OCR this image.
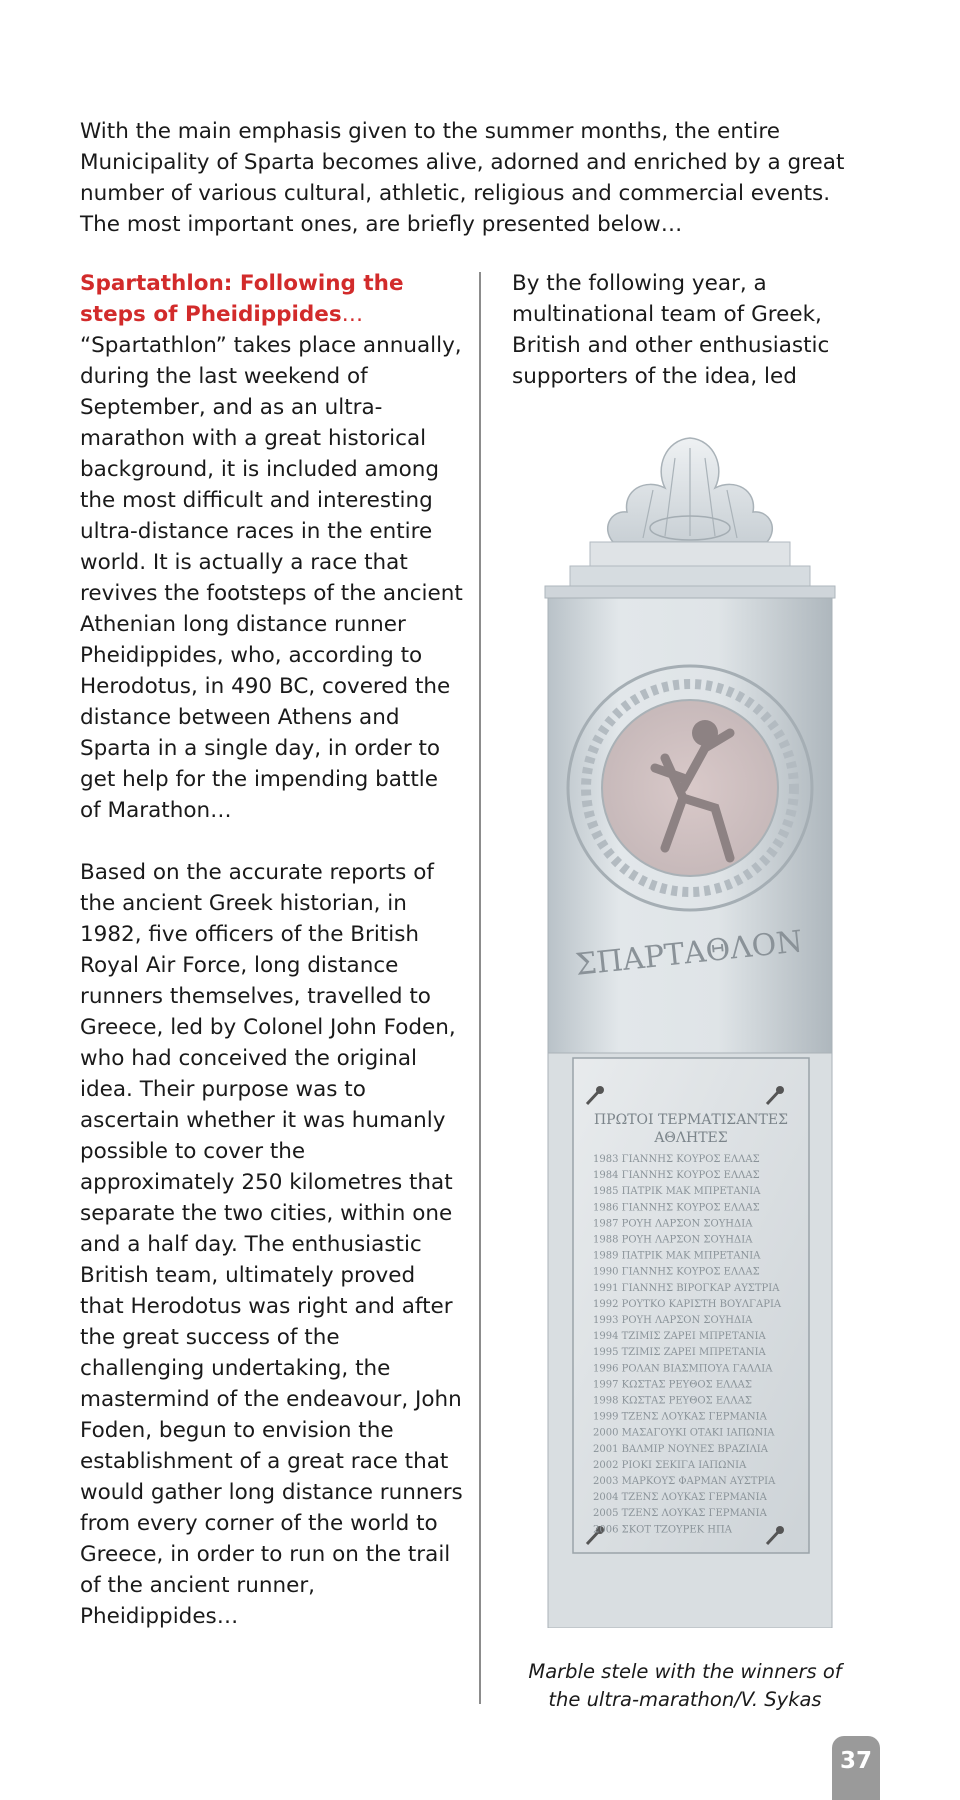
With the main emphasis given to the summer months, the entire
Municipality of Sparta becomes alive, adorned and enriched by a great
number of various cultural, athletic, religious and commercial events.
The most important ones, are briefly presented below…
Spartathlon: Following the steps of Pheidippides…

“Spartathlon” takes place annually, during the last weekend of September, and as an ultra-marathon with a great historical background, it is included among the most difficult and interesting ultra-distance races in the entire world. It is actually a race that revives the footsteps of the ancient Athenian long distance runner Pheidippides, who, according to Herodotus, in 490 BC, covered the distance between Athens and Sparta in a single day, in order to get help for the impending battle of Marathon…

Based on the accurate reports of the ancient Greek historian, in 1982, five officers of the British Royal Air Force, long distance runners themselves, travelled to Greece, led by Colonel John Foden, who had conceived the original idea. Their purpose was to ascertain whether it was humanly possible to cover the approximately 250 kilometres that separate the two cities, within one and a half day. The enthusiastic British team, ultimately proved that Herodotus was right and after the great success of the challenging undertaking, the mastermind of the endeavour, John Foden, begun to envision the establishment of a great race that would gather long distance runners from every corner of the world to Greece, in order to run on the trail of the ancient runner, Pheidippides…

By the following year, a multinational team of Greek, British and other enthusiastic supporters of the idea, led

ΣΠΑΡΤΑΘΛΟΝ
ΠΡΩΤΟΙ ΤΕΡΜΑΤΙΣΑΝΤΕΣ
ΑΘΛΗΤΕΣ
1983 ΓΙΑΝΝΗΣ ΚΟΥΡΟΣ ΕΛΛΑΣ
1984 ΓΙΑΝΝΗΣ ΚΟΥΡΟΣ ΕΛΛΑΣ
1985 ΠΑΤΡΙΚ ΜΑΚ ΜΠΡΕΤΑΝΙΑ
1986 ΓΙΑΝΝΗΣ ΚΟΥΡΟΣ ΕΛΛΑΣ
1987 ΡΟΥΗ ΛΑΡΣΟΝ ΣΟΥΗΔΙΑ
1988 ΡΟΥΗ ΛΑΡΣΟΝ ΣΟΥΗΔΙΑ
1989 ΠΑΤΡΙΚ ΜΑΚ ΜΠΡΕΤΑΝΙΑ
1990 ΓΙΑΝΝΗΣ ΚΟΥΡΟΣ ΕΛΛΑΣ
1991 ΓΙΑΝΝΗΣ ΒΙΡΟΓΚΑΡ ΑΥΣΤΡΙΑ
1992 ΡΟΥΤΚΟ ΚΑΡΙΣΤΗ ΒΟΥΛΓΑΡΙΑ
1993 ΡΟΥΗ ΛΑΡΣΟΝ ΣΟΥΗΔΙΑ
1994 ΤΖΙΜΙΣ ΖΑΡΕΙ ΜΠΡΕΤΑΝΙΑ
1995 ΤΖΙΜΙΣ ΖΑΡΕΙ ΜΠΡΕΤΑΝΙΑ
1996 ΡΟΛΑΝ ΒΙΑΣΜΠΟΥΑ ΓΑΛΛΙΑ
1997 ΚΩΣΤΑΣ ΡΕΥΘΟΣ ΕΛΛΑΣ
1998 ΚΩΣΤΑΣ ΡΕΥΘΟΣ ΕΛΛΑΣ
1999 ΤΖΕΝΣ ΛΟΥΚΑΣ ΓΕΡΜΑΝΙΑ
2000 ΜΑΣΑΓΟΥΚΙ ΟΤΑΚΙ ΙΑΠΩΝΙΑ
2001 ΒΑΛΜΙΡ ΝΟΥΝΕΣ ΒΡΑΖΙΛΙΑ
2002 ΡΙΟΚΙ ΣΕΚΙΓΑ ΙΑΠΩΝΙΑ
2003 ΜΑΡΚΟΥΣ ΦΑΡΜΑΝ ΑΥΣΤΡΙΑ
2004 ΤΖΕΝΣ ΛΟΥΚΑΣ ΓΕΡΜΑΝΙΑ
2005 ΤΖΕΝΣ ΛΟΥΚΑΣ ΓΕΡΜΑΝΙΑ
2006 ΣΚΟΤ ΤΖΟΥΡΕΚ ΗΠΑ
Marble stele with the winners of
the ultra-marathon/V. Sykas
37
